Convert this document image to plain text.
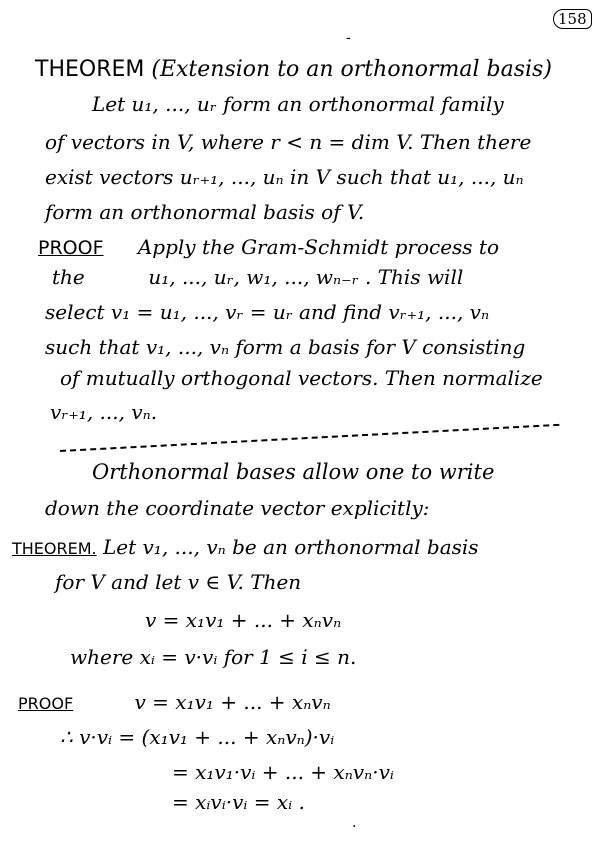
158
THEOREM (Extension to an orthonormal basis)
Let u₁, ..., uᵣ form an orthonormal family
of vectors in V, where r < n = dim V. Then there
exist vectors uᵣ₊₁, ..., uₙ in V such that u₁, ..., uₙ
form an orthonormal basis of V.
PROOF Apply the Gram-Schmidt process to
the          u₁, ..., uᵣ, w₁, ..., wₙ₋ᵣ . This will
select v₁ = u₁, ..., vᵣ = uᵣ and find vᵣ₊₁, ..., vₙ
such that v₁, ..., vₙ form a basis for V consisting
of mutually orthogonal vectors. Then normalize
vᵣ₊₁, ..., vₙ.
Orthonormal bases allow one to write
down the coordinate vector explicitly:
THEOREM. Let v₁, ..., vₙ be an orthonormal basis
for V and let v ∈ V. Then
v = x₁v₁ + ... + xₙvₙ
where xᵢ = v·vᵢ for 1 ≤ i ≤ n.
PROOF	v = x₁v₁ + ... + xₙvₙ
∴ v·vᵢ = (x₁v₁ + ... + xₙvₙ)·vᵢ
= x₁v₁·vᵢ + ... + xₙvₙ·vᵢ
= xᵢvᵢ·vᵢ = xᵢ .
-
.
